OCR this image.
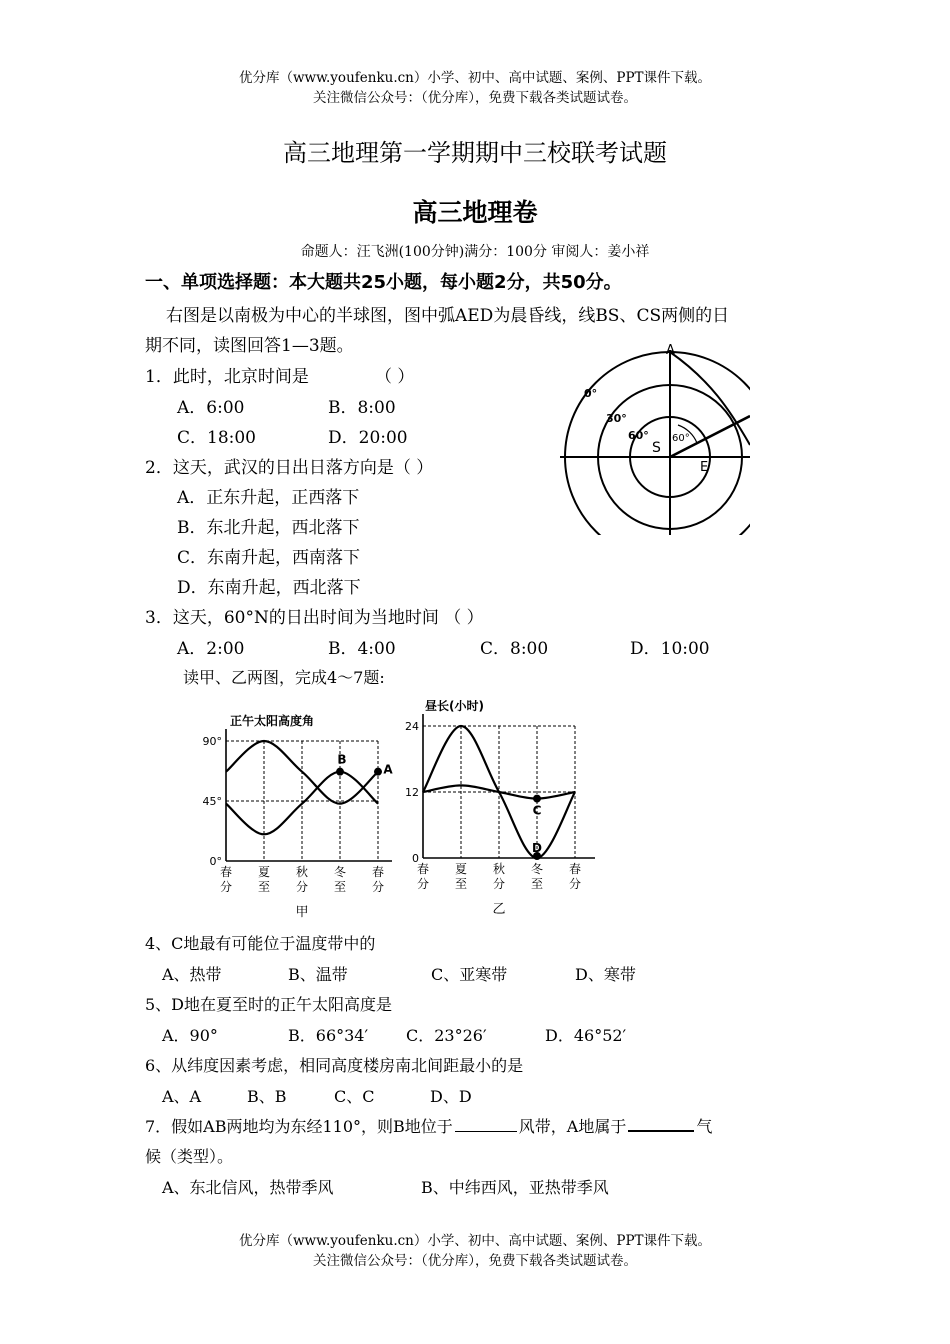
优分库（www.youfenku.cn）小学、初中、高中试题、案例、PPT课件下载。
关注微信公众号：（优分库），免费下载各类试题试卷。
高三地理第一学期期中三校联考试题
高三地理卷
命题人：汪飞洲(100分钟)满分：100分 审阅人：姜小祥
一、单项选择题：本大题共25小题，每小题2分，共50分。
右图是以南极为中心的半球图，图中弧AED为晨昏线，线BS、CS两侧的日
期不同，读图回答1—3题。
1．此时，北京时间是	（ ）
A．6:00	B．8:00
C．18:00	D．20:00
2．这天，武汉的日出日落方向是（ ）
A．正东升起，正西落下
B．东北升起，西北落下
C．东南升起，西南落下
D．东南升起，西北落下
3．这天，60°N的日出时间为当地时间 （ ）
A．2:00	B．4:00	C．8:00	D．10:00
读甲、乙两图，完成4～7题:
A
0°
30°
60° 60°
S
E
正午太阳高度角
90°
45°
0°
春
分
夏
至
秋
分
冬
至
春
分
A
B
甲
昼长(小时)
24
12
0
春
分
夏
至
秋
分
冬
至
春
分
C
D
乙
4、C地最有可能位于温度带中的
A、热带	B、温带	C、亚寒带	D、寒带
5、D地在夏至时的正午太阳高度是
A．90°	B．66°34′ C．23°26′	D．46°52′
6、从纬度因素考虑，相同高度楼房南北间距最小的是
A、A	B、B	C、C	D、D
7．假如AB两地均为东经110°，则B地位于	风带，A地属于	气
候（类型）。
A、东北信风，热带季风	B、中纬西风，亚热带季风
优分库（www.youfenku.cn）小学、初中、高中试题、案例、PPT课件下载。
关注微信公众号：（优分库），免费下载各类试题试卷。
